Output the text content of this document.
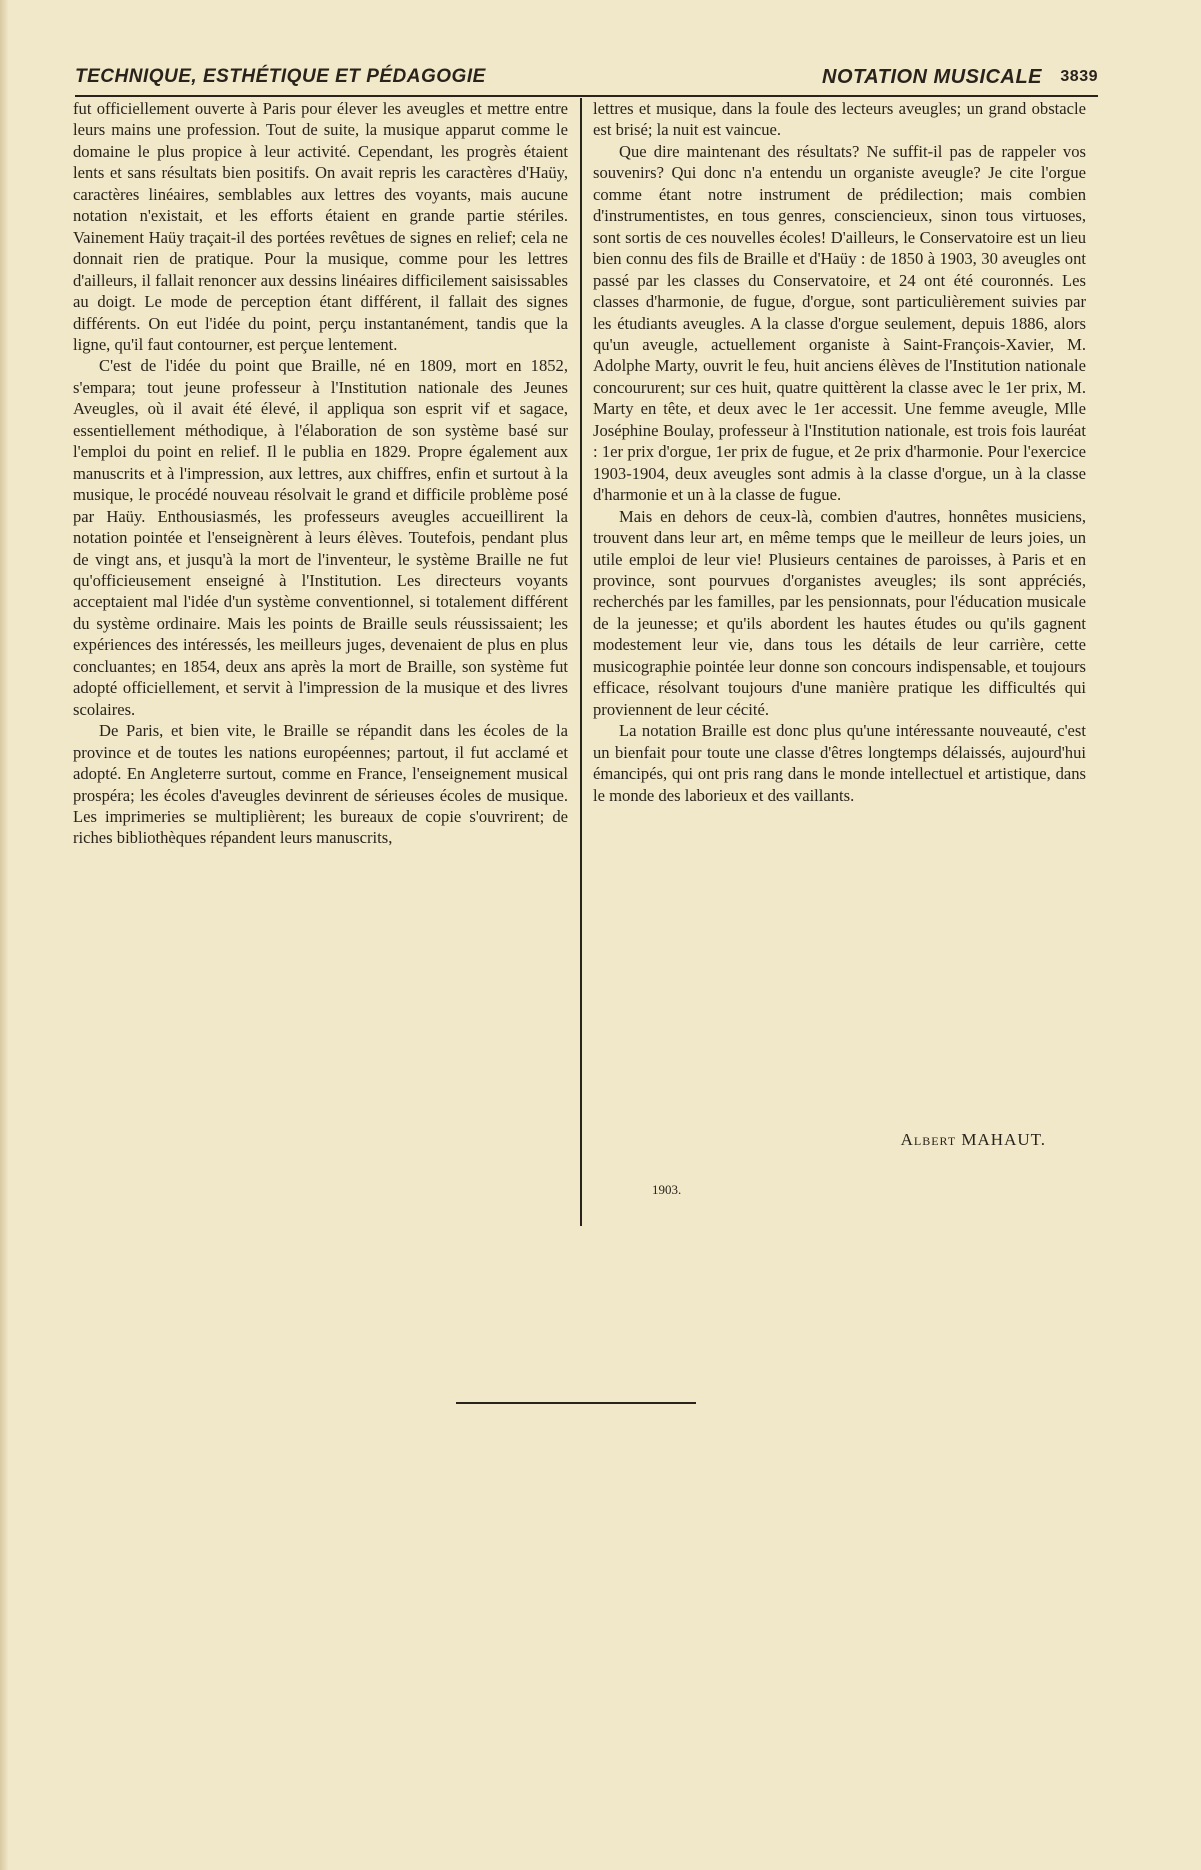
TECHNIQUE, ESTHÉTIQUE ET PÉDAGOGIE	NOTATION MUSICALE 3839

fut officiellement ouverte à Paris pour élever les aveugles et mettre entre leurs mains une profession. Tout de suite, la musique apparut comme le domaine le plus propice à leur activité. Cependant, les progrès étaient lents et sans résultats bien positifs. On avait repris les caractères d'Haüy, caractères linéaires, semblables aux lettres des voyants, mais aucune notation n'existait, et les efforts étaient en grande partie stériles. Vainement Haüy traçait-il des portées revêtues de signes en relief; cela ne donnait rien de pratique. Pour la musique, comme pour les lettres d'ailleurs, il fallait renoncer aux dessins linéaires difficilement saisissables au doigt. Le mode de perception étant différent, il fallait des signes différents. On eut l'idée du point, perçu instantanément, tandis que la ligne, qu'il faut contourner, est perçue lentement.

C'est de l'idée du point que Braille, né en 1809, mort en 1852, s'empara; tout jeune professeur à l'Institution nationale des Jeunes Aveugles, où il avait été élevé, il appliqua son esprit vif et sagace, essentiellement méthodique, à l'élaboration de son système basé sur l'emploi du point en relief. Il le publia en 1829. Propre également aux manuscrits et à l'impression, aux lettres, aux chiffres, enfin et surtout à la musique, le procédé nouveau résolvait le grand et difficile problème posé par Haüy. Enthousiasmés, les professeurs aveugles accueillirent la notation pointée et l'enseignèrent à leurs élèves. Toutefois, pendant plus de vingt ans, et jusqu'à la mort de l'inventeur, le système Braille ne fut qu'officieusement enseigné à l'Institution. Les directeurs voyants acceptaient mal l'idée d'un système conventionnel, si totalement différent du système ordinaire. Mais les points de Braille seuls réussissaient; les expériences des intéressés, les meilleurs juges, devenaient de plus en plus concluantes; en 1854, deux ans après la mort de Braille, son système fut adopté officiellement, et servit à l'impression de la musique et des livres scolaires.

De Paris, et bien vite, le Braille se répandit dans les écoles de la province et de toutes les nations européennes; partout, il fut acclamé et adopté. En Angleterre surtout, comme en France, l'enseignement musical prospéra; les écoles d'aveugles devinrent de sérieuses écoles de musique. Les imprimeries se multiplièrent; les bureaux de copie s'ouvrirent; de riches bibliothèques répandent leurs manuscrits,

lettres et musique, dans la foule des lecteurs aveugles; un grand obstacle est brisé; la nuit est vaincue.

Que dire maintenant des résultats? Ne suffit-il pas de rappeler vos souvenirs? Qui donc n'a entendu un organiste aveugle? Je cite l'orgue comme étant notre instrument de prédilection; mais combien d'instrumentistes, en tous genres, consciencieux, sinon tous virtuoses, sont sortis de ces nouvelles écoles! D'ailleurs, le Conservatoire est un lieu bien connu des fils de Braille et d'Haüy : de 1850 à 1903, 30 aveugles ont passé par les classes du Conservatoire, et 24 ont été couronnés. Les classes d'harmonie, de fugue, d'orgue, sont particulièrement suivies par les étudiants aveugles. A la classe d'orgue seulement, depuis 1886, alors qu'un aveugle, actuellement organiste à Saint-François-Xavier, M. Adolphe Marty, ouvrit le feu, huit anciens élèves de l'Institution nationale concoururent; sur ces huit, quatre quittèrent la classe avec le 1er prix, M. Marty en tête, et deux avec le 1er accessit. Une femme aveugle, Mlle Joséphine Boulay, professeur à l'Institution nationale, est trois fois lauréat : 1er prix d'orgue, 1er prix de fugue, et 2e prix d'harmonie. Pour l'exercice 1903-1904, deux aveugles sont admis à la classe d'orgue, un à la classe d'harmonie et un à la classe de fugue.

Mais en dehors de ceux-là, combien d'autres, honnêtes musiciens, trouvent dans leur art, en même temps que le meilleur de leurs joies, un utile emploi de leur vie! Plusieurs centaines de paroisses, à Paris et en province, sont pourvues d'organistes aveugles; ils sont appréciés, recherchés par les familles, par les pensionnats, pour l'éducation musicale de la jeunesse; et qu'ils abordent les hautes études ou qu'ils gagnent modestement leur vie, dans tous les détails de leur carrière, cette musicographie pointée leur donne son concours indispensable, et toujours efficace, résolvant toujours d'une manière pratique les difficultés qui proviennent de leur cécité.

La notation Braille est donc plus qu'une intéressante nouveauté, c'est un bienfait pour toute une classe d'êtres longtemps délaissés, aujourd'hui émancipés, qui ont pris rang dans le monde intellectuel et artistique, dans le monde des laborieux et des vaillants.

Albert MAHAUT.
1903.
